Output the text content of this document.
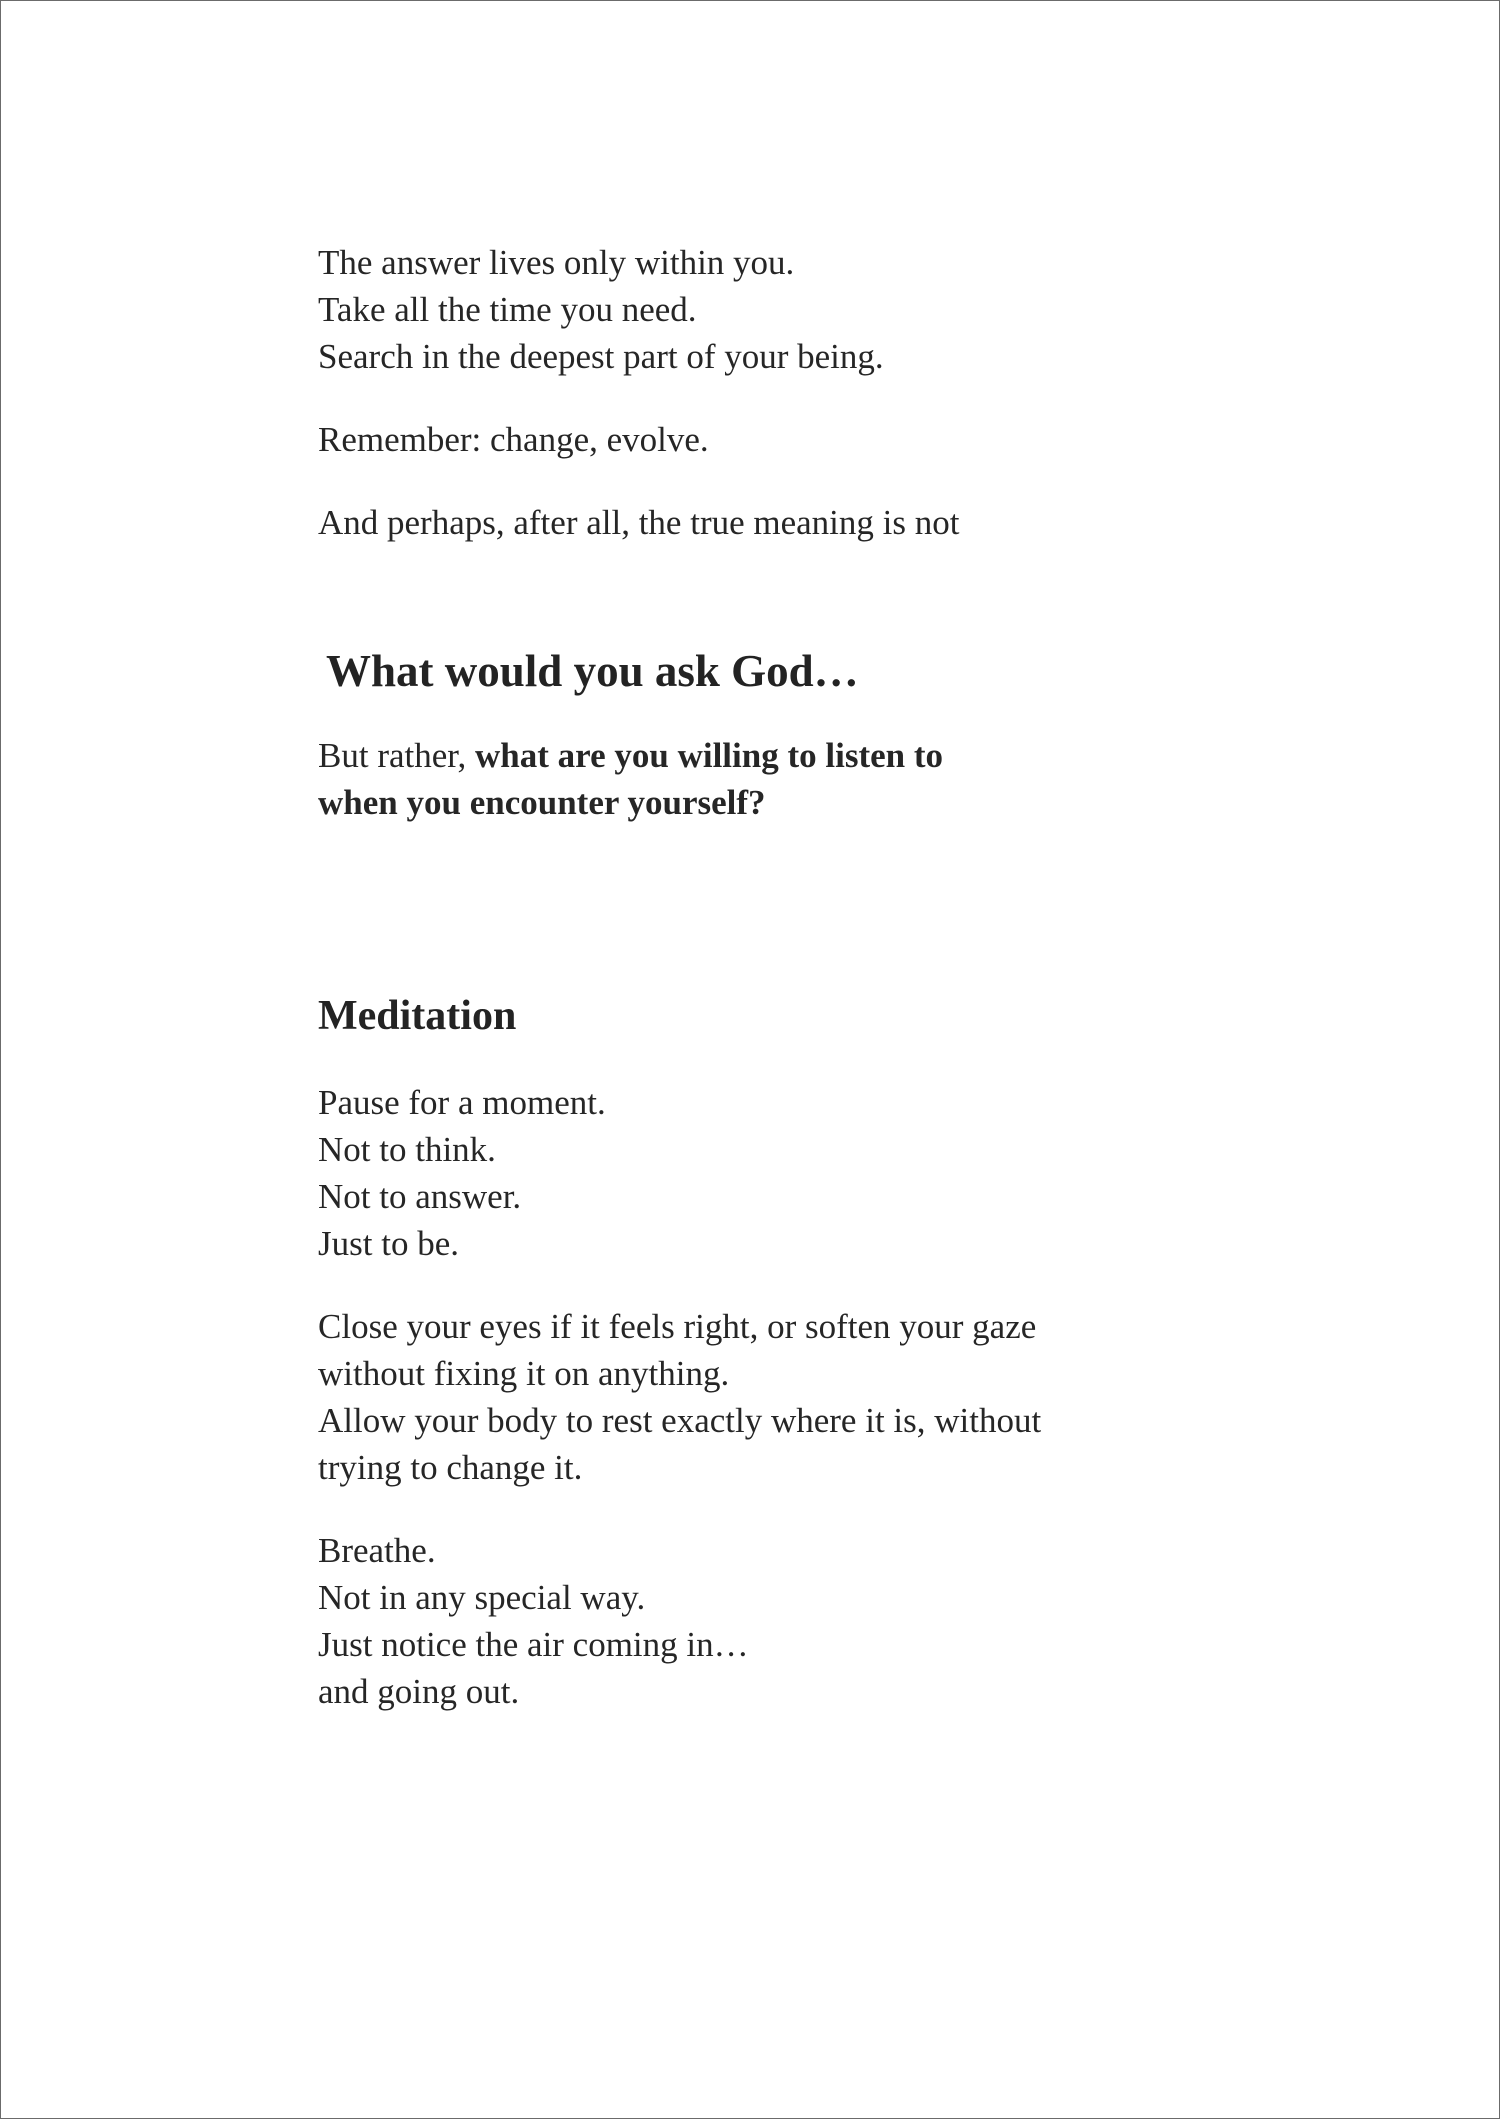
The answer lives only within you.
Take all the time you need.
Search in the deepest part of your being.

Remember: change, evolve.

And perhaps, after all, the true meaning is not

What would you ask God…

But rather, what are you willing to listen to
when you encounter yourself?

Meditation

Pause for a moment.
Not to think.
Not to answer.
Just to be.

Close your eyes if it feels right, or soften your gaze
without fixing it on anything.
Allow your body to rest exactly where it is, without
trying to change it.

Breathe.
Not in any special way.
Just notice the air coming in…
and going out.
